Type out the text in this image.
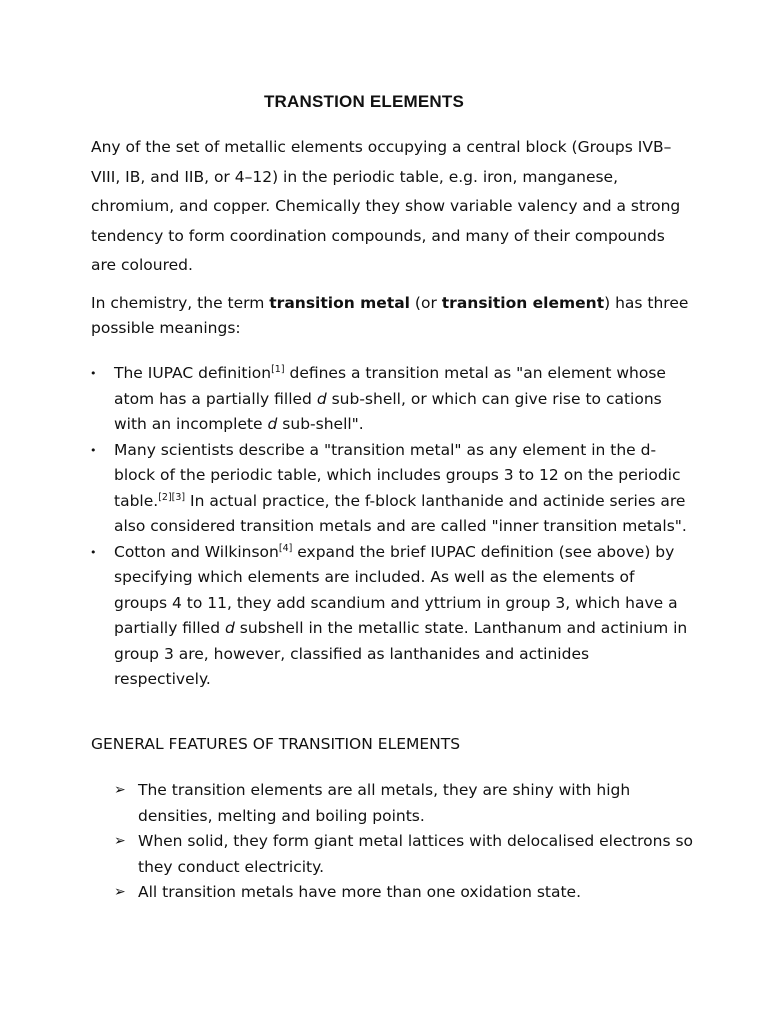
TRANSTION ELEMENTS
Any of the set of metallic elements occupying a central block (Groups IVB–VIII, IB, and IIB, or 4–12) in the periodic table, e.g. iron, manganese, chromium, and copper. Chemically they show variable valency and a strong tendency to form coordination compounds, and many of their compounds are coloured.
In chemistry, the term transition metal (or transition element) has three possible meanings:
• The IUPAC definition[1] defines a transition metal as "an element whose atom has a partially filled d sub-shell, or which can give rise to cations with an incomplete d sub-shell".
• Many scientists describe a "transition metal" as any element in the d-block of the periodic table, which includes groups 3 to 12 on the periodic table.[2][3] In actual practice, the f-block lanthanide and actinide series are also considered transition metals and are called "inner transition metals".
• Cotton and Wilkinson[4] expand the brief IUPAC definition (see above) by specifying which elements are included. As well as the elements of groups 4 to 11, they add scandium and yttrium in group 3, which have a partially filled d subshell in the metallic state. Lanthanum and actinium in group 3 are, however, classified as lanthanides and actinides respectively.
GENERAL FEATURES OF TRANSITION ELEMENTS
➢ The transition elements are all metals, they are shiny with high densities, melting and boiling points.
➢ When solid, they form giant metal lattices with delocalised electrons so they conduct electricity.
➢ All transition metals have more than one oxidation state.
